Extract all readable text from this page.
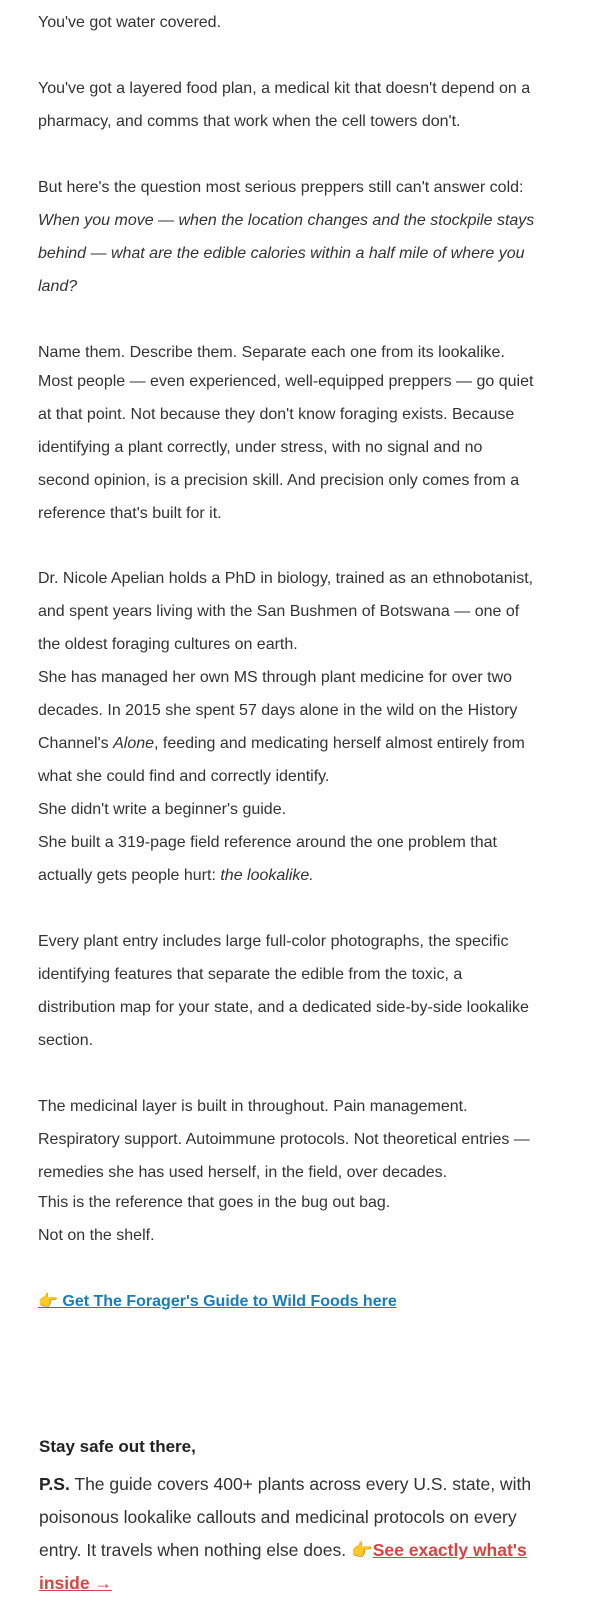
You've got water covered.
You've got a layered food plan, a medical kit that doesn't depend on a
pharmacy, and comms that work when the cell towers don't.
But here's the question most serious preppers still can't answer cold:
When you move — when the location changes and the stockpile stays
behind — what are the edible calories within a half mile of where you
land?
Name them. Describe them. Separate each one from its lookalike.
Most people — even experienced, well-equipped preppers — go quiet
at that point. Not because they don't know foraging exists. Because
identifying a plant correctly, under stress, with no signal and no
second opinion, is a precision skill. And precision only comes from a
reference that's built for it.
Dr. Nicole Apelian holds a PhD in biology, trained as an ethnobotanist,
and spent years living with the San Bushmen of Botswana — one of
the oldest foraging cultures on earth.
She has managed her own MS through plant medicine for over two
decades. In 2015 she spent 57 days alone in the wild on the History
Channel's Alone, feeding and medicating herself almost entirely from
what she could find and correctly identify.
She didn't write a beginner's guide.
She built a 319-page field reference around the one problem that
actually gets people hurt: the lookalike.
Every plant entry includes large full-color photographs, the specific
identifying features that separate the edible from the toxic, a
distribution map for your state, and a dedicated side-by-side lookalike
section.
The medicinal layer is built in throughout. Pain management.
Respiratory support. Autoimmune protocols. Not theoretical entries —
remedies she has used herself, in the field, over decades.
This is the reference that goes in the bug out bag.
Not on the shelf.
👉 Get The Forager's Guide to Wild Foods here
Stay safe out there,
P.S. The guide covers 400+ plants across every U.S. state, with
poisonous lookalike callouts and medicinal protocols on every
entry. It travels when nothing else does. 👉See exactly what's
inside →
